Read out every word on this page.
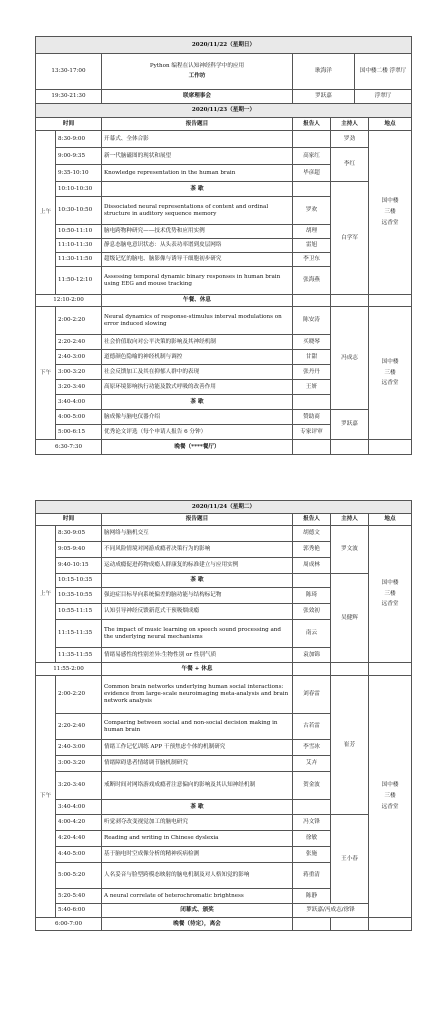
2020/11/22（星期日）			
13:30-17:00	Python 编程在认知神经科学中的应用
工作坊	耿海洋	国中楼二楼 浮翠厅
19:30-21:30	联席理事会	罗跃嘉	浮翠厅
2020/11/23（星期一）					
时间		报告题目	报告人	主持人	地点
上午	8:30-9:00	开幕式、全体合影		罗劲	国中楼
三楼
远香堂

	9:00-9:35	新一代脑磁图的现状和展望	高家红	李红	
	9:35-10:10	Knowledge representation in the human brain	毕彦超		
	10:10-10:30	茶 歇		白学军	
	10:30-10:50	Dissociated neural representations of content and ordinal structure in auditory sequence memory	罗欢		
	10:50-11:10	脑电跨物种研究——技术优势和应用实例	胡理		
	11:10-11:30	静息态脑电意识状态：从头表功率谱到皮层网络	雷旭		
	11:30-11:50	超级记忆的脑电、脑影像与诱导干细胞初步研究	李卫东		
	11:50-12:10	Assessing temporal dynamic binary responses in human brain using EEG and mouse tracking	张海燕		
12:10-2:00		午餐、休息			
下午	2:00-2:20	Neural dynamics of response-stimulus interval modulations on error induced slowing	陈安涛	冯成志	国中楼
三楼
远香堂

	2:20-2:40	社会价值取向对公平决策的影响及其神经机制	买晓琴		
	2:40-3:00	道德颜色隐喻的神经机制与调控	甘甜		
	3:00-3:20	社会反馈加工及其在抑郁人群中的表现	张丹丹		
	3:20-3:40	高原环境影响执行功能及散式呼吸的改善作用	王妍		
	3:40-4:00	茶 歇			
	4:00-5:00	脑成像与脑电仪器介绍	赞助商	罗跃嘉	
	5:00-6:15	优秀论文评选（每个申请人报告 6 分钟）	专家评审		
6:30-7:30		晚餐（****餐厅）			
2020/11/24（星期二）					
时间		报告题目	报告人	主持人	地点
上午	8:30-9:05	脑网络与脑机交互	胡德文	罗文波	国中楼
三楼
远香堂

	9:05-9:40	不同风险情境对网游成瘾者决策行为的影响	郭秀艳		
	9:40-10:15	运动成瘾促进药物成瘾人群康复的标准建立与应用实例	周成林		
	10:15-10:35	茶 歇		吴健辉	
	10:35-10:55	强迫症目标导向系统偏差的脑功能与结构标记物	陈琦		
	10:55-11:15	认知引导神经反馈新范式干预吸烟成瘾	张效初		
	11:15-11:35	The impact of music learning on speech sound processing and the underlying neural mechanisms	南云		
	11:35-11:55	情绪易感性的性别差异:生物性别 or 性别气质	袁加锦		
11:55-2:00		午餐 + 休息			
下午	2:00-2:20	Common brain networks underlying human social interactions: evidence from large-scale neuroimaging meta-analysis and brain network analysis	刘春雷	崔芳	国中楼
三楼
远香堂

	2:20-2:40	Comparing between social and non-social decision making in human brain	古若雷		
	2:40-3:00	情绪工作记忆训练 APP 干预焦虑个体的机制研究	李雪冰		
	3:00-3:20	情绪障碍患者情绪调节脑机制研究	艾卉		
	3:20-3:40	戒断时间对网络游戏成瘾者注意偏向的影响及其认知神经机制	贺金波		
	3:40-4:00	茶 歇			
	4:00-4:20	听觉剥夺改变视觉加工的脑电研究	冯文锋	王小春	
	4:20-4:40	Reading and writing in Chinese dyslexia	徐敏		
	4:40-5:00	基于脑电时空成像分析的精神疾病检测	张施		
	5:00-5:20	人名妥音与脸型跨模态映射的脑电机制及对人格知觉的影响	蒋重清		
	5:20-5:40	A neural correlate of heterochromatic brightness	陈静		
	5:40-6:00	闭幕式、颁奖	罗跃嘉/冯成志/徐锋		
6:00-7:00		晚餐（待定），离会			
